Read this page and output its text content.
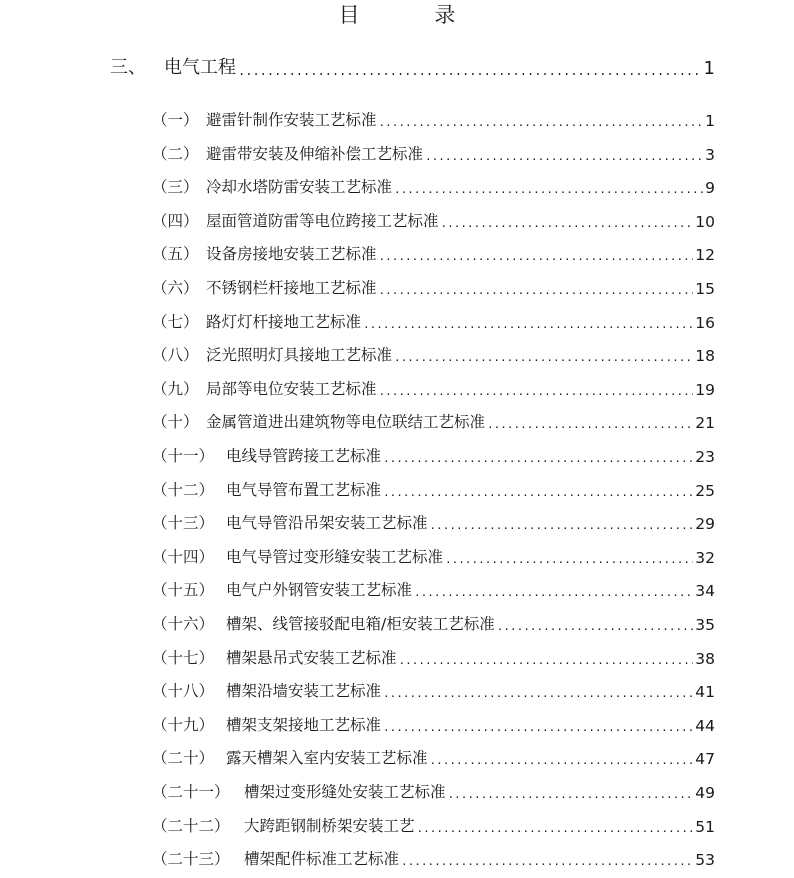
目 录
三、	电气工程 .....	1
（一） 避雷针制作安装工艺标准 .....	1
（二） 避雷带安装及伸缩补偿工艺标准 .....	3
（三） 冷却水塔防雷安装工艺标准 .....	9
（四） 屋面管道防雷等电位跨接工艺标准 .....	10
（五） 设备房接地安装工艺标准 .....	12
（六） 不锈钢栏杆接地工艺标准 .....	15
（七） 路灯灯杆接地工艺标准 .....	16
（八） 泛光照明灯具接地工艺标准 .....	18
（九） 局部等电位安装工艺标准 .....	19
（十） 金属管道进出建筑物等电位联结工艺标准 .....	21
（十一） 电线导管跨接工艺标准 .....	23
（十二） 电气导管布置工艺标准 .....	25
（十三） 电气导管沿吊架安装工艺标准 .....	29
（十四） 电气导管过变形缝安装工艺标准 .....	32
（十五） 电气户外钢管安装工艺标准 .....	34
（十六） 槽架、线管接驳配电箱/柜安装工艺标准 .....	35
（十七） 槽架悬吊式安装工艺标准 .....	38
（十八） 槽架沿墙安装工艺标准 .....	41
（十九） 槽架支架接地工艺标准 .....	44
（二十） 露天槽架入室内安装工艺标准 .....	47
（二十一） 槽架过变形缝处安装工艺标准 .....	49
（二十二） 大跨距钢制桥架安装工艺 .....	51
（二十三） 槽架配件标准工艺标准 .....	53
